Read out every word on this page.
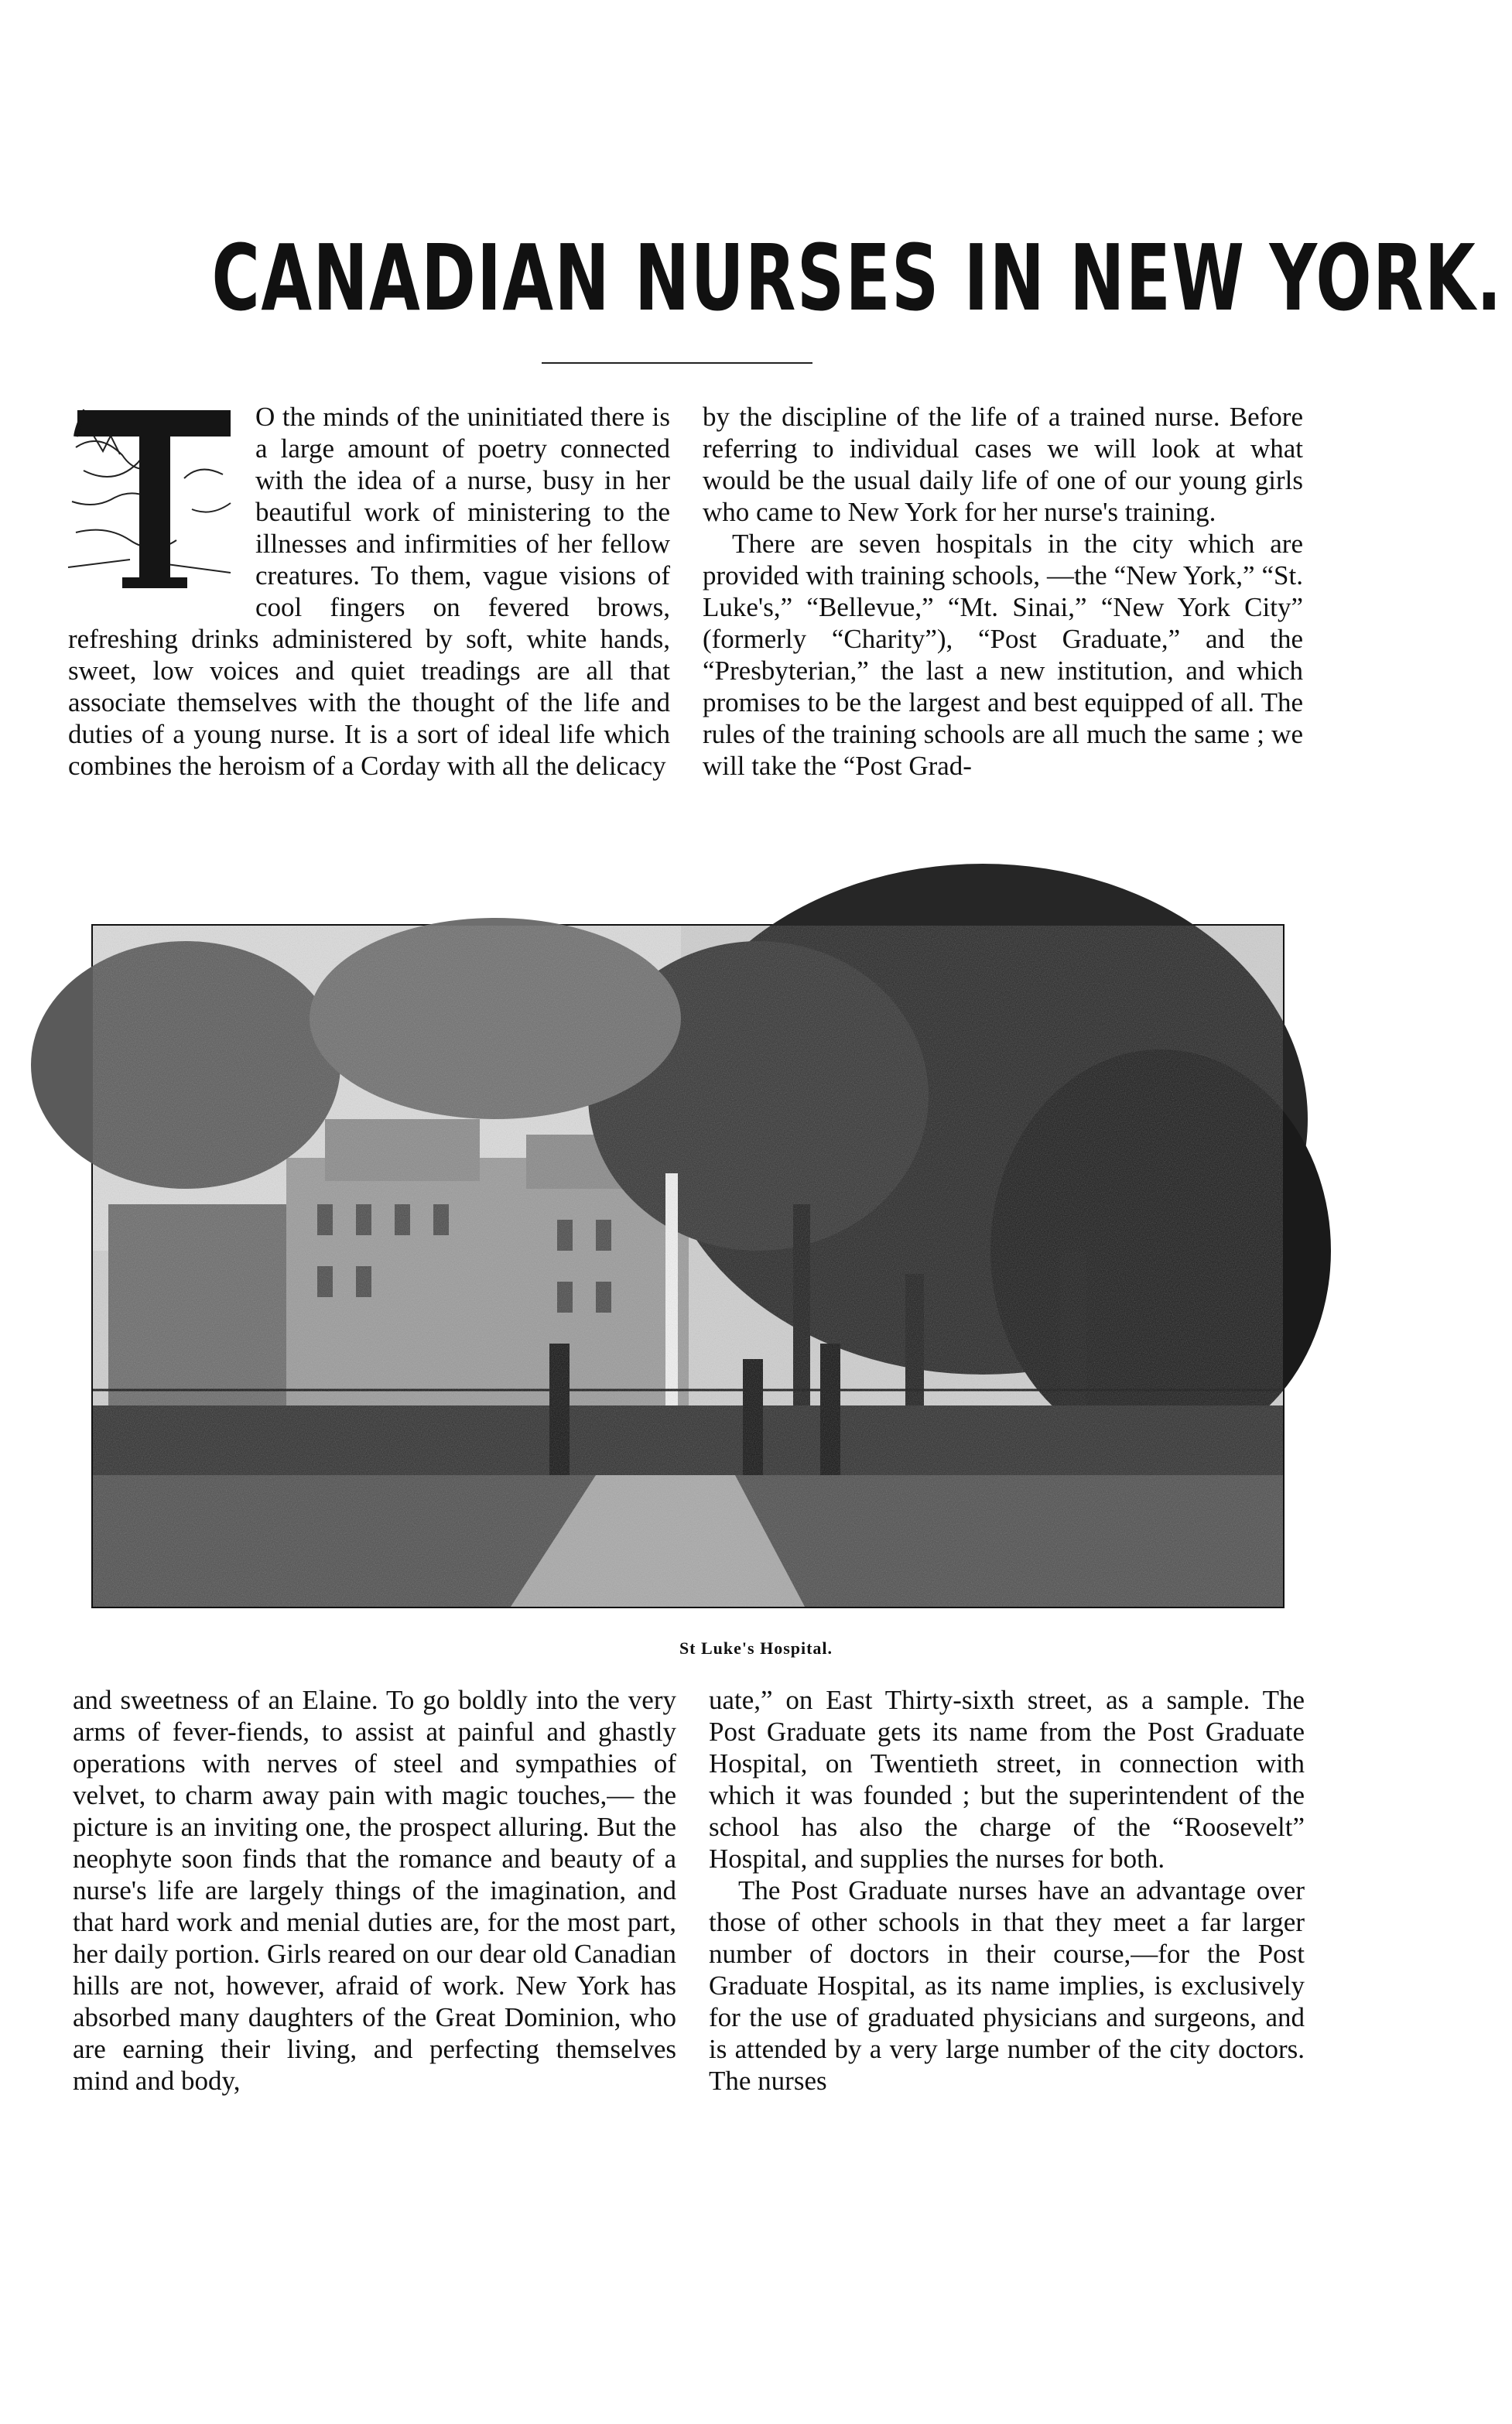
CANADIAN NURSES IN NEW YORK.
T O the minds of the uninitiated there is a large amount of poetry connected with the idea of a nurse, busy in her beautiful work of ministering to the illnesses and infirmities of her fellow creatures. To them, vague visions of cool fingers on fevered brows, refreshing drinks administered by soft, white hands, sweet, low voices and quiet treadings are all that associate themselves with the thought of the life and duties of a young nurse. It is a sort of ideal life which combines the heroism of a Corday with all the delicacy

by the discipline of the life of a trained nurse. Before referring to individual cases we will look at what would be the usual daily life of one of our young girls who came to New York for her nurse's training.

There are seven hospitals in the city which are provided with training schools, —the “New York,” “St. Luke's,” “Bellevue,” “Mt. Sinai,” “New York City” (formerly “Charity”), “Post Graduate,” and the “Presbyterian,” the last a new institution, and which promises to be the largest and best equipped of all. The rules of the training schools are all much the same ; we will take the “Post Grad-

St Luke's Hospital.

and sweetness of an Elaine. To go boldly into the very arms of fever-fiends, to assist at painful and ghastly operations with nerves of steel and sympathies of velvet, to charm away pain with magic touches,— the picture is an inviting one, the prospect alluring. But the neophyte soon finds that the romance and beauty of a nurse's life are largely things of the imagination, and that hard work and menial duties are, for the most part, her daily portion. Girls reared on our dear old Canadian hills are not, however, afraid of work. New York has absorbed many daughters of the Great Dominion, who are earning their living, and perfecting themselves mind and body,

uate,” on East Thirty-sixth street, as a sample. The Post Graduate gets its name from the Post Graduate Hospital, on Twentieth street, in connection with which it was founded ; but the superintendent of the school has also the charge of the “Roosevelt” Hospital, and supplies the nurses for both.

The Post Graduate nurses have an advantage over those of other schools in that they meet a far larger number of doctors in their course,—for the Post Graduate Hospital, as its name implies, is exclusively for the use of graduated physicians and surgeons, and is attended by a very large number of the city doctors. The nurses
